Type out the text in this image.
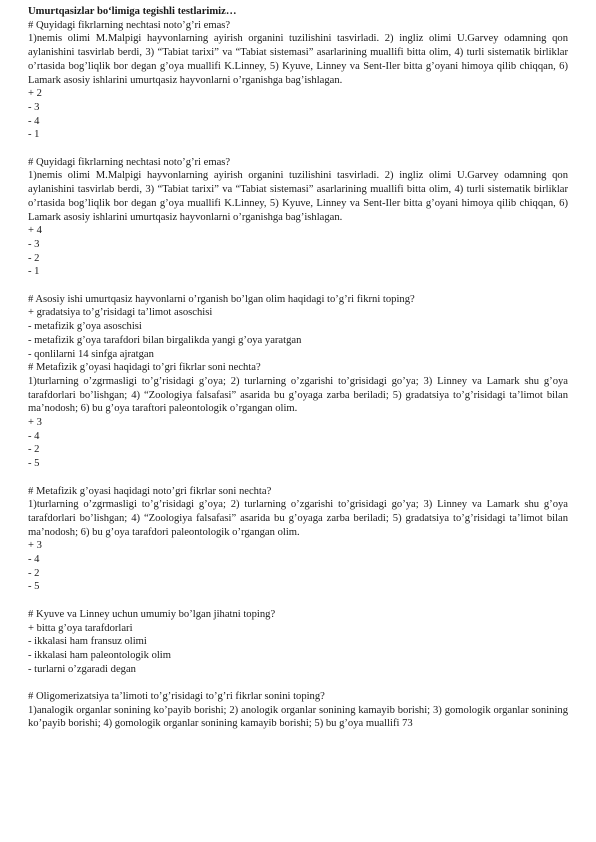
Umurtqasizlar bo‘limiga tegishli testlarimiz…

# Quyidagi fikrlarning nechtasi noto’g’ri emas?

1)nemis olimi M.Malpigi hayvonlarning ayirish organini tuzilishini tasvirladi. 2) ingliz olimi U.Garvey odamning qon aylanishini tasvirlab berdi, 3) “Tabiat tarixi” va “Tabiat sistemasi” asarlarining muallifi bitta olim, 4) turli sistematik birliklar o’rtasida bog’liqlik bor degan g’oya muallifi K.Linney, 5) Kyuve, Linney va Sent-Iler bitta g’oyani himoya qilib chiqqan, 6) Lamark asosiy ishlarini umurtqasiz hayvonlarni o’rganishga bag’ishlagan.

+ 2

- 3

- 4

- 1

# Quyidagi fikrlarning nechtasi noto’g’ri emas?

1)nemis olimi M.Malpigi hayvonlarning ayirish organini tuzilishini tasvirladi. 2) ingliz olimi U.Garvey odamning qon aylanishini tasvirlab berdi, 3) “Tabiat tarixi” va “Tabiat sistemasi” asarlarining muallifi bitta olim, 4) turli sistematik birliklar o’rtasida bog’liqlik bor degan g’oya muallifi K.Linney, 5) Kyuve, Linney va Sent-Iler bitta g’oyani himoya qilib chiqqan, 6) Lamark asosiy ishlarini umurtqasiz hayvonlarni o’rganishga bag’ishlagan.

+ 4

- 3

- 2

- 1

# Asosiy ishi umurtqasiz hayvonlarni o’rganish bo’lgan olim haqidagi to’g’ri fikrni toping?

+ gradatsiya to’g’risidagi ta’limot asoschisi

- metafizik g’oya asoschisi

- metafizik g’oya tarafdori bilan birgalikda yangi g’oya yaratgan

- qonlilarni 14 sinfga ajratgan

# Metafizik g’oyasi haqidagi to’gri fikrlar soni nechta?

1)turlarning o’zgrmasligi to’g’risidagi g’oya; 2) turlarning o’zgarishi to’grisidagi go’ya; 3) Linney va Lamark shu g’oya tarafdorlari bo’lishgan; 4) “Zoologiya falsafasi” asarida bu g’oyaga zarba beriladi; 5) gradatsiya to’g’risidagi ta’limot bilan ma’nodosh; 6) bu g’oya taraftori paleontologik o’rgangan olim.

+ 3

- 4

- 2

- 5

# Metafizik g’oyasi haqidagi noto’gri fikrlar soni nechta?

1)turlarning o’zgrmasligi to’g’risidagi g’oya; 2) turlarning o’zgarishi to’grisidagi go’ya; 3) Linney va Lamark shu g’oya tarafdorlari bo’lishgan; 4) “Zoologiya falsafasi” asarida bu g’oyaga zarba beriladi; 5) gradatsiya to’g’risidagi ta’limot bilan ma’nodosh; 6) bu g’oya tarafdori paleontologik o’rgangan olim.

+ 3

- 4

- 2

- 5

# Kyuve va Linney uchun umumiy bo’lgan jihatni toping?

+ bitta g’oya tarafdorlari

- ikkalasi ham fransuz olimi

- ikkalasi ham paleontologik olim

- turlarni o’zgaradi degan

# Oligomerizatsiya ta’limoti to’g’risidagi to’g’ri fikrlar sonini toping?

1)analogik organlar sonining ko’payib borishi; 2) anologik organlar sonining kamayib borishi; 3) gomologik organlar sonining ko’payib borishi; 4) gomologik organlar sonining kamayib borishi; 5) bu g’oya muallifi 73
